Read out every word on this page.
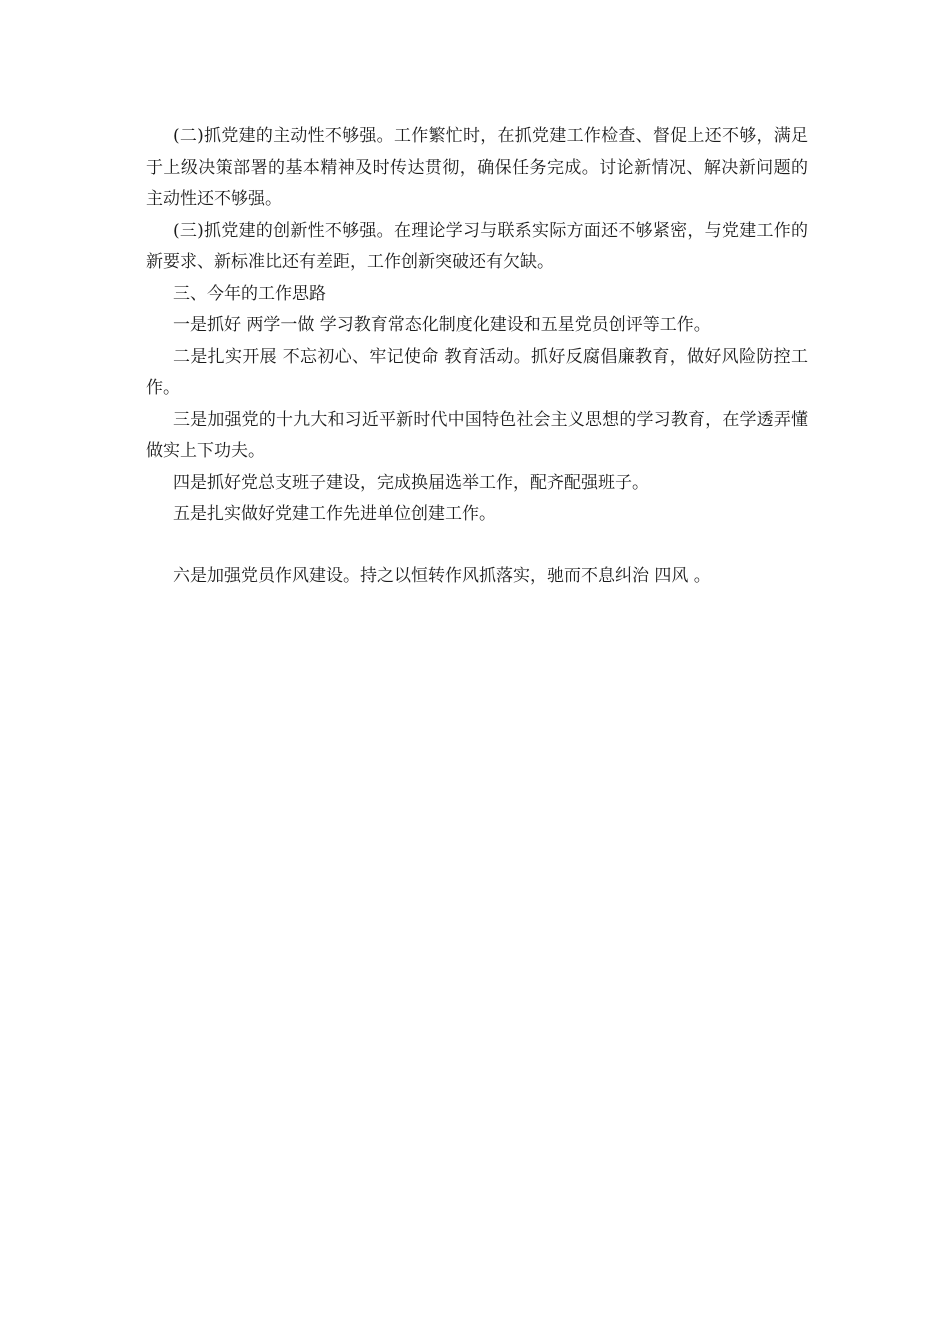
(二)抓党建的主动性不够强。工作繁忙时，在抓党建工作检查、督促上还不够，满足于上级决策部署的基本精神及时传达贯彻，确保任务完成。讨论新情况、解决新问题的主动性还不够强。

(三)抓党建的创新性不够强。在理论学习与联系实际方面还不够紧密，与党建工作的新要求、新标准比还有差距，工作创新突破还有欠缺。

三、今年的工作思路

一是抓好 两学一做 学习教育常态化制度化建设和五星党员创评等工作。

二是扎实开展 不忘初心、牢记使命 教育活动。抓好反腐倡廉教育，做好风险防控工作。

三是加强党的十九大和习近平新时代中国特色社会主义思想的学习教育，在学透弄懂做实上下功夫。

四是抓好党总支班子建设，完成换届选举工作，配齐配强班子。

五是扎实做好党建工作先进单位创建工作。

六是加强党员作风建设。持之以恒转作风抓落实，驰而不息纠治 四风 。
